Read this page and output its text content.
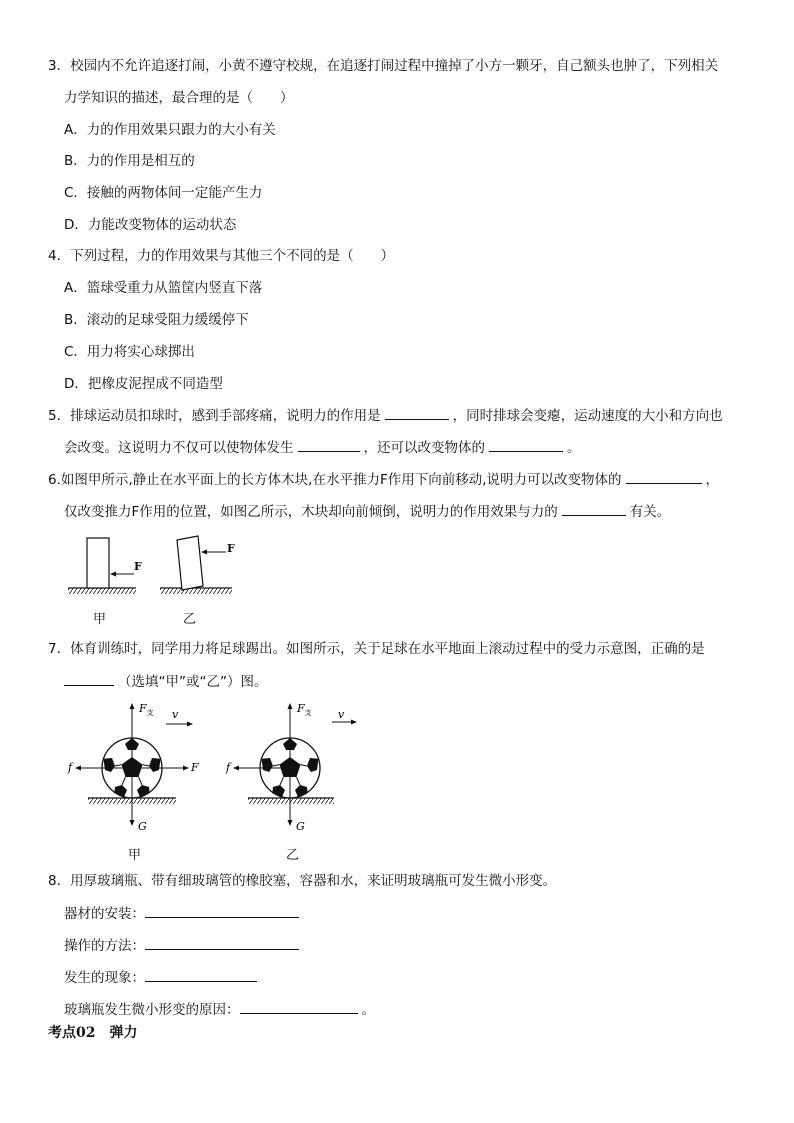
3．校园内不允许追逐打闹，小黄不遵守校规，在追逐打闹过程中撞掉了小方一颗牙，自己额头也肿了，下列相关
力学知识的描述，最合理的是（　　）
A．力的作用效果只跟力的大小有关
B．力的作用是相互的
C．接触的两物体间一定能产生力
D．力能改变物体的运动状态
4．下列过程，力的作用效果与其他三个不同的是（　　）
A．篮球受重力从篮筐内竖直下落
B．滚动的足球受阻力缓缓停下
C．用力将实心球掷出
D．把橡皮泥捏成不同造型
5．排球运动员扣球时，感到手部疼痛，说明力的作用是	，同时排球会变瘪，运动速度的大小和方向也
会改变。这说明力不仅可以使物体发生	，还可以改变物体的	。
6.如图甲所示,静止在水平面上的长方体木块,在水平推力F作用下向前移动,说明力可以改变物体的	，
仅改变推力F作用的位置，如图乙所示，木块却向前倾倒，说明力的作用效果与力的	有关。
F
F
甲	乙
7．体育训练时，同学用力将足球踢出。如图所示，关于足球在水平地面上滚动过程中的受力示意图，正确的是
（选填“甲”或“乙”）图。
$F_支$
G
f	F
v	$F_支$
G
f
v
甲	乙
8．用厚玻璃瓶、带有细玻璃管的橡胶塞，容器和水，来证明玻璃瓶可发生微小形变。
器材的安装：
操作的方法：
发生的现象：
玻璃瓶发生微小形变的原因：	。
考点02　弹力
